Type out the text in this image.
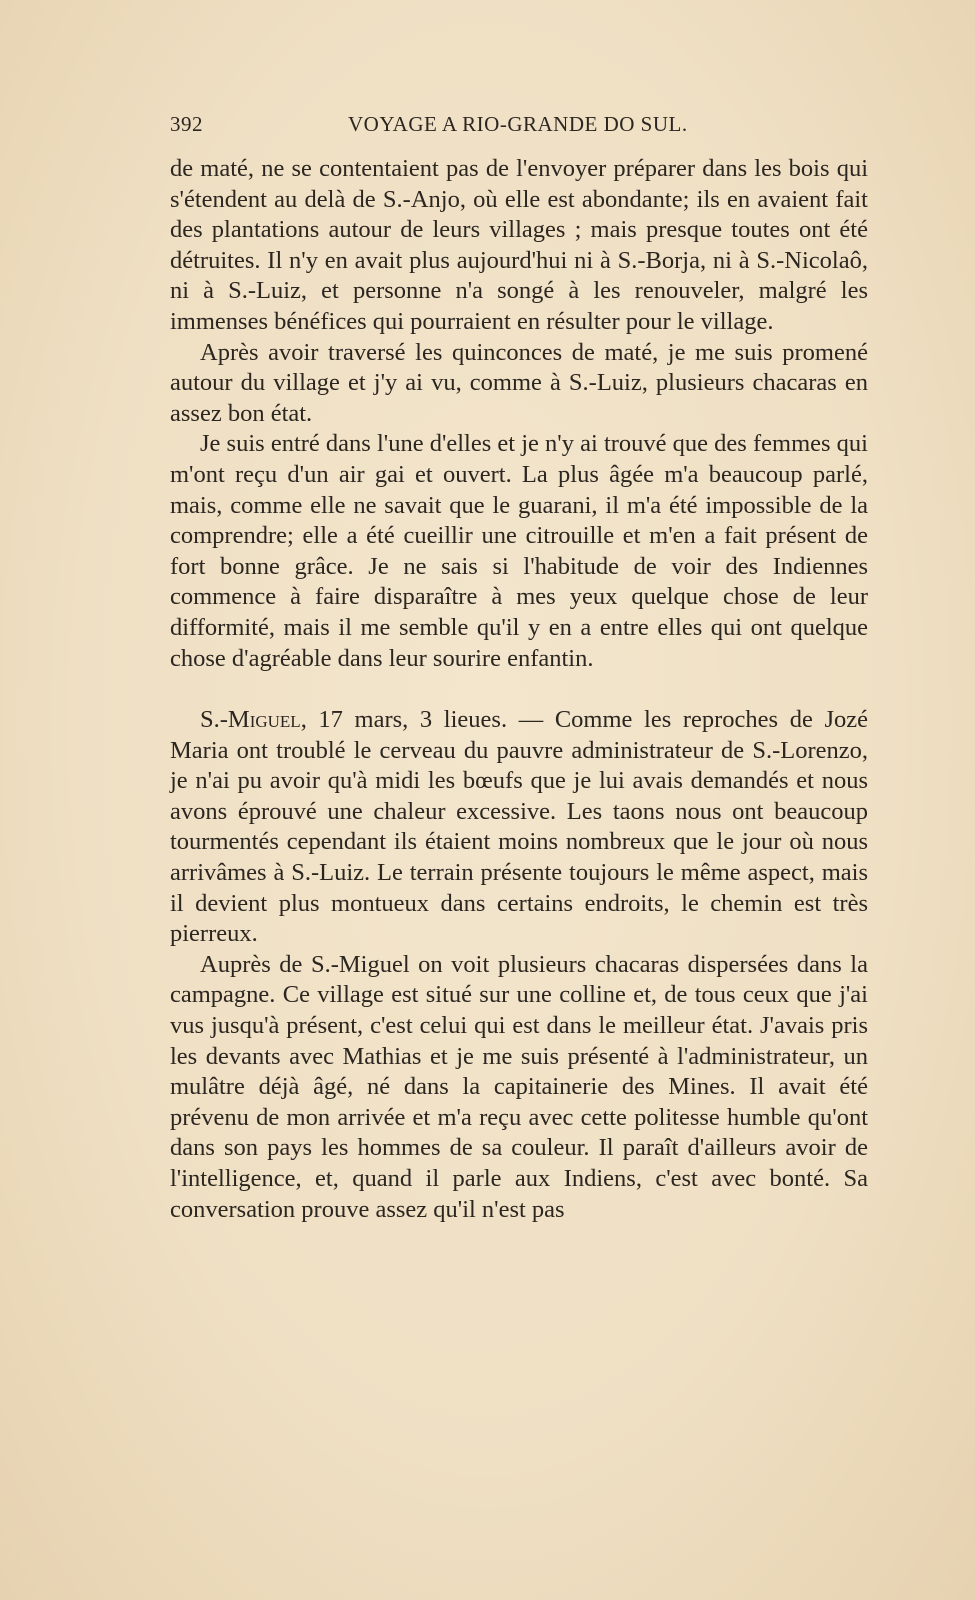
392	VOYAGE A RIO-GRANDE DO SUL.

de maté, ne se contentaient pas de l'envoyer préparer dans les bois qui s'étendent au delà de S.-Anjo, où elle est abondante; ils en avaient fait des plantations autour de leurs villages ; mais presque toutes ont été détruites. Il n'y en avait plus aujourd'hui ni à S.-Borja, ni à S.-Nicolaô, ni à S.-Luiz, et personne n'a songé à les renouveler, malgré les immenses bénéfices qui pourraient en résulter pour le village.

Après avoir traversé les quinconces de maté, je me suis promené autour du village et j'y ai vu, comme à S.-Luiz, plusieurs chacaras en assez bon état.

Je suis entré dans l'une d'elles et je n'y ai trouvé que des femmes qui m'ont reçu d'un air gai et ouvert. La plus âgée m'a beaucoup parlé, mais, comme elle ne savait que le guarani, il m'a été impossible de la comprendre; elle a été cueillir une citrouille et m'en a fait présent de fort bonne grâce. Je ne sais si l'habitude de voir des Indiennes commence à faire disparaître à mes yeux quelque chose de leur difformité, mais il me semble qu'il y en a entre elles qui ont quelque chose d'agréable dans leur sourire enfantin.

S.-Miguel, 17 mars, 3 lieues. — Comme les reproches de Jozé Maria ont troublé le cerveau du pauvre administrateur de S.-Lorenzo, je n'ai pu avoir qu'à midi les bœufs que je lui avais demandés et nous avons éprouvé une chaleur excessive. Les taons nous ont beaucoup tourmentés cependant ils étaient moins nombreux que le jour où nous arrivâmes à S.-Luiz. Le terrain présente toujours le même aspect, mais il devient plus montueux dans certains endroits, le chemin est très pierreux.

Auprès de S.-Miguel on voit plusieurs chacaras dispersées dans la campagne. Ce village est situé sur une colline et, de tous ceux que j'ai vus jusqu'à présent, c'est celui qui est dans le meilleur état. J'avais pris les devants avec Mathias et je me suis présenté à l'administrateur, un mulâtre déjà âgé, né dans la capitainerie des Mines. Il avait été prévenu de mon arrivée et m'a reçu avec cette politesse humble qu'ont dans son pays les hommes de sa couleur. Il paraît d'ailleurs avoir de l'intelligence, et, quand il parle aux Indiens, c'est avec bonté. Sa conversation prouve assez qu'il n'est pas
